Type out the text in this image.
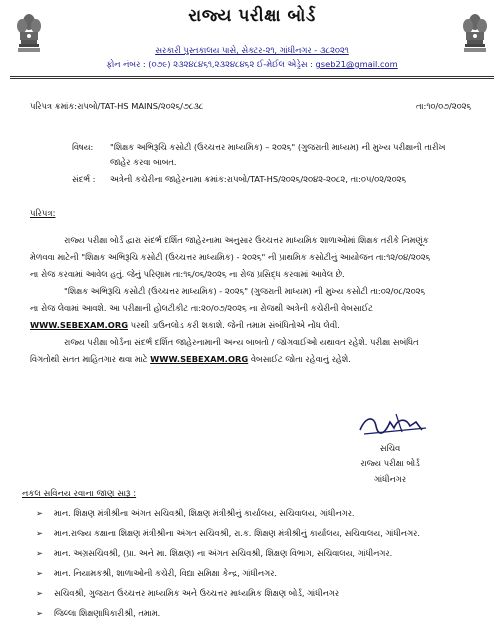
રાજ્ય પરીક્ષા બોર્ડ
સરકારી પુસ્તકાલય પાસે, સેક્ટર-૨૧, ગાંધીનગર - ૩૮૨૦૨૧
ફોન નંબર : (૦૭૯) ૨૩૨૪૮૪૬૧,૨૩૨૪૮૪૬૨ ઈ-મેઈલ એડ્રેસ : gseb21@gmail.com
પરિપત્ર ક્રમાંક:રાપબો/TAT-HS MAINS/૨૦૨૬/૭૮૩૮	તા:૧૦/૦૭/૨૦૨૬
વિષય: "શિક્ષક અભિરૂચિ કસોટી (ઉચ્ચત્તર માધ્યમિક) – ૨૦૨૬" (ગુજરાતી માધ્યમ) ની મુખ્ય પરીક્ષાની તારીખ
જાહેર કરવા બાબત.
સંદર્ભ : અત્રેની કચેરીના જાહેરનામા ક્રમાંક:રાપબો/TAT-HS/૨૦૨૬/૨૦૪૨-૨૦૮૨, તા:૦૫/૦૨/૨૦૨૬
પરિપત્ર:

રાજ્ય પરીક્ષા બોર્ડ દ્વારા સંદર્ભ દર્શિત જાહેરનામા અનુસાર ઉચ્ચત્તર માધ્યમિક શાળાઓમાં શિક્ષક તરીકે નિમણૂંક

મેળવવા માટેની "શિક્ષક અભિરૂચિ કસોટી (ઉચ્ચત્તર માધ્યમિક) - ૨૦૨૬" ની પ્રાથમિક કસોટીનું આયોજન તા:૧૨/૦૪/૨૦૨૬

ના રોજ કરવામાં આવેલ હતું. જેનું પરિણામ તા:૧૬/૦૬/૨૦૨૬ ના રોજ પ્રસિદ્ધ કરવામાં આવેલ છે.

"શિક્ષક અભિરૂચિ કસોટી (ઉચ્ચત્તર માધ્યમિક) - ૨૦૨૬" (ગુજરાતી માધ્યમ) ની મુખ્ય કસોટી તા:૦૨/૦૮/૨૦૨૬

ના રોજ લેવામાં આવશે. આ પરીક્ષાની હોલટીકીટ તા:૨૦/૦૭/૨૦૨૬ ના રોજથી અત્રેની કચેરીની વેબસાઈટ

WWW.SEBEXAM.ORG પરથી ડાઉનલોડ કરી શકાશે. જેની તમામ સંબંધિતોએ નોંધ લેવી.

રાજ્ય પરીક્ષા બોર્ડના સંદર્ભ દર્શિત જાહેરનામાની અન્ય બાબતો / જોગવાઈઓ યથાવત રહેશે. પરીક્ષા સબંધિત

વિગતોથી સતત માહિતગાર થવા માટે WWW.SEBEXAM.ORG વેબસાઈટ જોતા રહેવાનું રહેશે.

સચિવ
રાજ્ય પરીક્ષા બોર્ડ
ગાંધીનગર
નકલ સવિનય રવાના જાણ સારૂ :
➢ માન. શિક્ષણ મંત્રીશ્રીના અંગત સચિવશ્રી, શિક્ષણ મંત્રીશ્રીનું કાર્યાલય, સચિવાલય, ગાંધીનગર.
➢ માન.રાજ્ય કક્ષાના શિક્ષણ મંત્રીશ્રીના અંગત સચિવશ્રી, રા.ક. શિક્ષણ મંત્રીશ્રીનું કાર્યાલય, સચિવાલય, ગાંધીનગર.
➢ માન. અગ્રસચિવશ્રી, (પ્રા. અને મા. શિક્ષણ) ના અંગત સચિવશ્રી, શિક્ષણ વિભાગ, સચિવાલય, ગાંધીનગર.
➢ માન. નિયામકશ્રી, શાળાઓની કચેરી, વિદ્યા સમિક્ષા કેન્દ્ર, ગાંધીનગર.
➢ સચિવશ્રી, ગુજરાત ઉચ્ચત્તર માધ્યમિક અને ઉચ્ચત્તર માધ્યમિક શિક્ષણ બોર્ડ, ગાંધીનગર
➢ જિલ્લા શિક્ષણાધિકારીશ્રી, તમામ.
